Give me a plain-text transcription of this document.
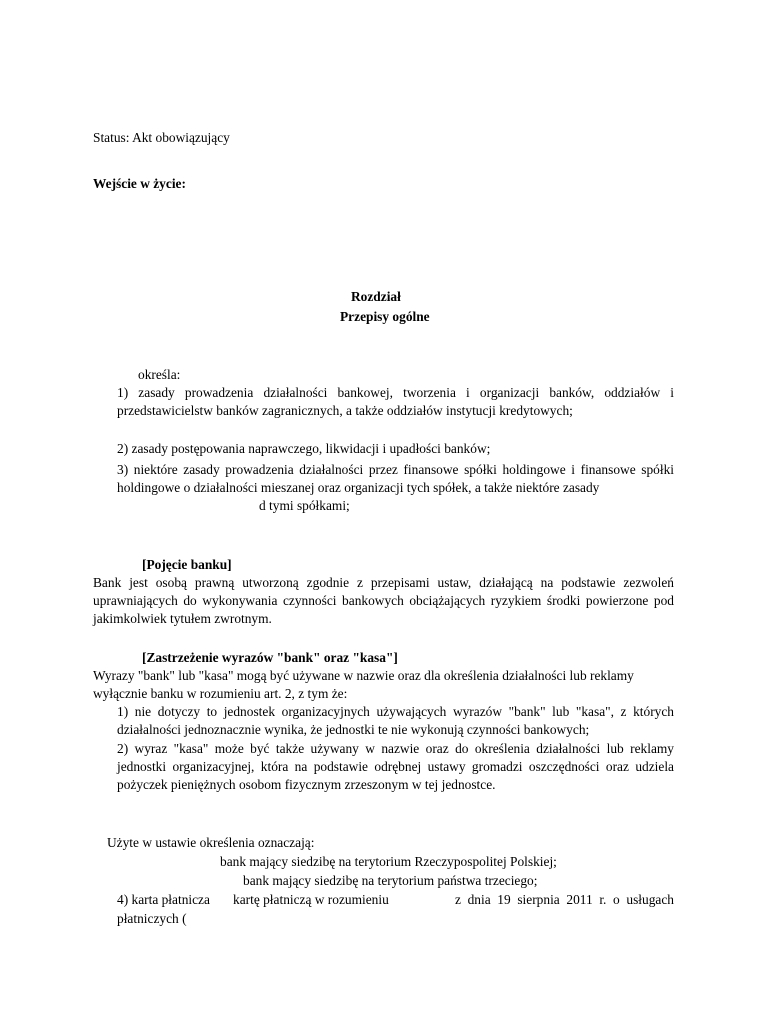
Status: Akt obowiązujący
Wejście w życie:
Rozdział
Przepisy ogólne
określa:
1) zasady prowadzenia działalności bankowej, tworzenia i organizacji banków, oddziałów i przedstawicielstw banków zagranicznych, a także oddziałów instytucji kredytowych;
2) zasady postępowania naprawczego, likwidacji i upadłości banków;
3) niektóre zasady prowadzenia działalności przez finansowe spółki holdingowe i finansowe spółki holdingowe o działalności mieszanej oraz organizacji tych spółek, a także niektóre zasady
d tymi spółkami;
[Pojęcie banku]
Bank jest osobą prawną utworzoną zgodnie z przepisami ustaw, działającą na podstawie zezwoleń uprawniających do wykonywania czynności bankowych obciążających ryzykiem środki powierzone pod jakimkolwiek tytułem zwrotnym.
[Zastrzeżenie wyrazów "bank" oraz "kasa"]
Wyrazy "bank" lub "kasa" mogą być używane w nazwie oraz dla określenia działalności lub reklamy wyłącznie banku w rozumieniu art. 2, z tym że:
1) nie dotyczy to jednostek organizacyjnych używających wyrazów "bank" lub "kasa", z których działalności jednoznacznie wynika, że jednostki te nie wykonują czynności bankowych;
2) wyraz "kasa" może być także używany w nazwie oraz do określenia działalności lub reklamy jednostki organizacyjnej, która na podstawie odrębnej ustawy gromadzi oszczędności oraz udziela pożyczek pieniężnych osobom fizycznym zrzeszonym w tej jednostce.
Użyte w ustawie określenia oznaczają:
bank mający siedzibę na terytorium Rzeczypospolitej Polskiej;
bank mający siedzibę na terytorium państwa trzeciego;
4) karta płatnicza kartę płatniczą w rozumieniu	z dnia 19 sierpnia 2011 r. o usługach
płatniczych (
